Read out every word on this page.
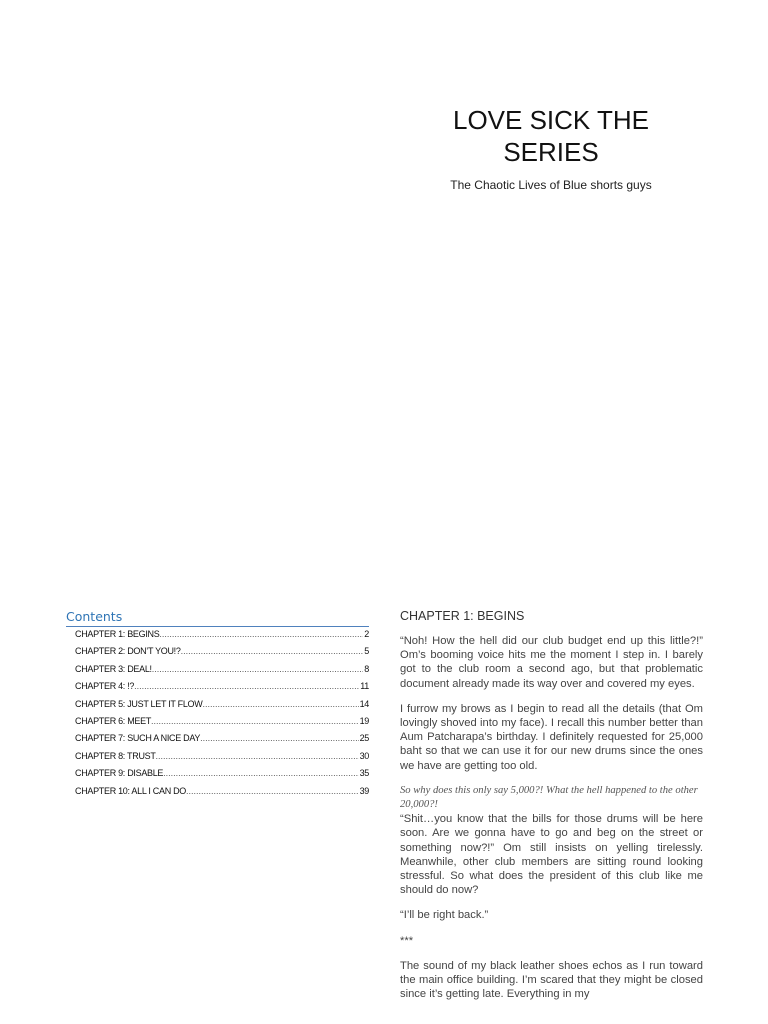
LOVE SICK THE
SERIES
The Chaotic Lives of Blue shorts guys
Contents
CHAPTER 1: BEGINS .....	2
CHAPTER 2: DON’T YOU!? .....	5
CHAPTER 3: DEAL! .....	8
CHAPTER 4: !? .....	11
CHAPTER 5: JUST LET IT FLOW .....	14
CHAPTER 6: MEET .....	19
CHAPTER 7: SUCH A NICE DAY .....	25
CHAPTER 8: TRUST .....	30
CHAPTER 9: DISABLE .....	35
CHAPTER 10: ALL I CAN DO .....	39
CHAPTER 1: BEGINS

“Noh! How the hell did our club budget end up this little?!” Om’s booming voice hits me the moment I step in. I barely got to the club room a second ago, but that problematic document already made its way over and covered my eyes.

I furrow my brows as I begin to read all the details (that Om lovingly shoved into my face). I recall this number better than Aum Patcharapa’s birthday. I definitely requested for 25,000 baht so that we can use it for our new drums since the ones we have are getting too old.

So why does this only say 5,000?! What the hell happened to the other 20,000?!

“Shit…you know that the bills for those drums will be here soon. Are we gonna have to go and beg on the street or something now?!” Om still insists on yelling tirelessly. Meanwhile, other club members are sitting round looking stressful. So what does the president of this club like me should do now?

“I’ll be right back.”

***

The sound of my black leather shoes echos as I run toward the main office building. I’m scared that they might be closed since it’s getting late. Everything in my
